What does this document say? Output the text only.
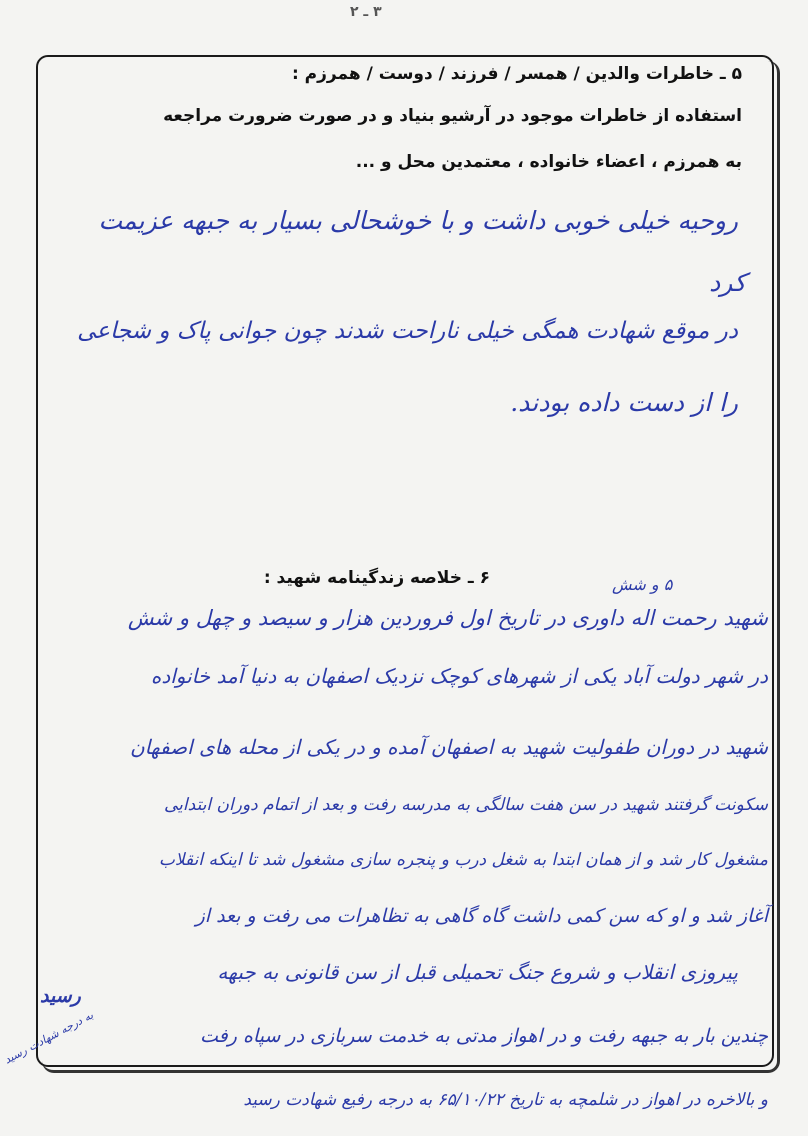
۳ ـ ٢
۵ ـ خاطرات والدین / همسر / فرزند / دوست / همرزم :
استفاده از خاطرات موجود در آرشیو بنیاد و در صورت ضرورت مراجعه
به همرزم ، اعضاء خانواده ، معتمدین محل و ...
روحیه خیلی خوبی داشت و با خوشحالی بسیار به جبهه عزیمت
کرد
در موقع شهادت همگی خیلی ناراحت شدند چون جوانی پاک و شجاعی
را از دست داده بودند.
۶ ـ خلاصه زندگینامه شهید :	۵ و شش
شهید رحمت اله داوری در تاریخ اول فروردین هزار و سیصد و چهل و شش
در شهر دولت آباد یکی از شهرهای کوچک نزدیک اصفهان به دنیا آمد خانواده
شهید در دوران طفولیت شهید به اصفهان آمده و در یکی از محله های اصفهان
سکونت گرفتند شهید در سن هفت سالگی به مدرسه رفت و بعد از اتمام دوران ابتدایی
مشغول کار شد و از همان ابتدا به شغل درب و پنجره سازی مشغول شد تا اینکه انقلاب
آغاز شد و او که سن کمی داشت گاه گاهی به تظاهرات می رفت و بعد از
پیروزی انقلاب و شروع جنگ تحمیلی قبل از سن قانونی به جبهه
رسید
چندین بار به جبهه رفت و در اهواز مدتی به خدمت سربازی در سپاه رفت
و بالاخره در اهواز در شلمچه به تاریخ ۶۵/۱۰/۲۲ به درجه رفیع شهادت رسید
به درجه شهادت رسید
